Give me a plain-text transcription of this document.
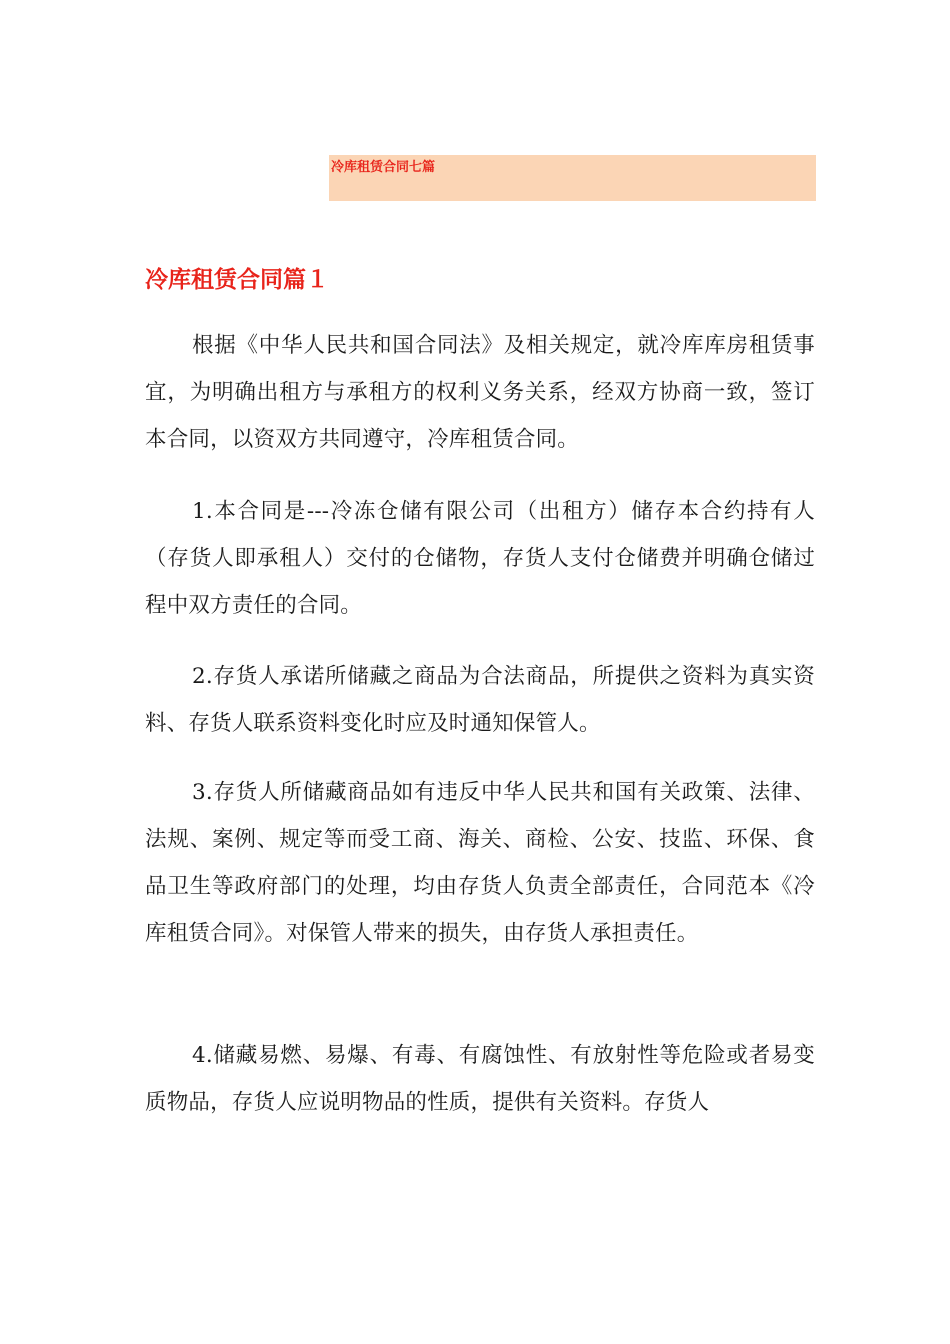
冷库租赁合同七篇
冷库租赁合同篇１
根据《中华人民共和国合同法》及相关规定，就冷库库房租赁事宜，为明确出租方与承租方的权利义务关系，经双方协商一致，签订本合同，以资双方共同遵守，冷库租赁合同。
1.本合同是---冷冻仓储有限公司（出租方）储存本合约持有人（存货人即承租人）交付的仓储物，存货人支付仓储费并明确仓储过程中双方责任的合同。
2.存货人承诺所储藏之商品为合法商品，所提供之资料为真实资料、存货人联系资料变化时应及时通知保管人。
3.存货人所储藏商品如有违反中华人民共和国有关政策、法律、法规、案例、规定等而受工商、海关、商检、公安、技监、环保、食品卫生等政府部门的处理，均由存货人负责全部责任，合同范本《冷库租赁合同》。对保管人带来的损失，由存货人承担责任。
4.储藏易燃、易爆、有毒、有腐蚀性、有放射性等危险或者易变质物品，存货人应说明物品的性质，提供有关资料。存货人
